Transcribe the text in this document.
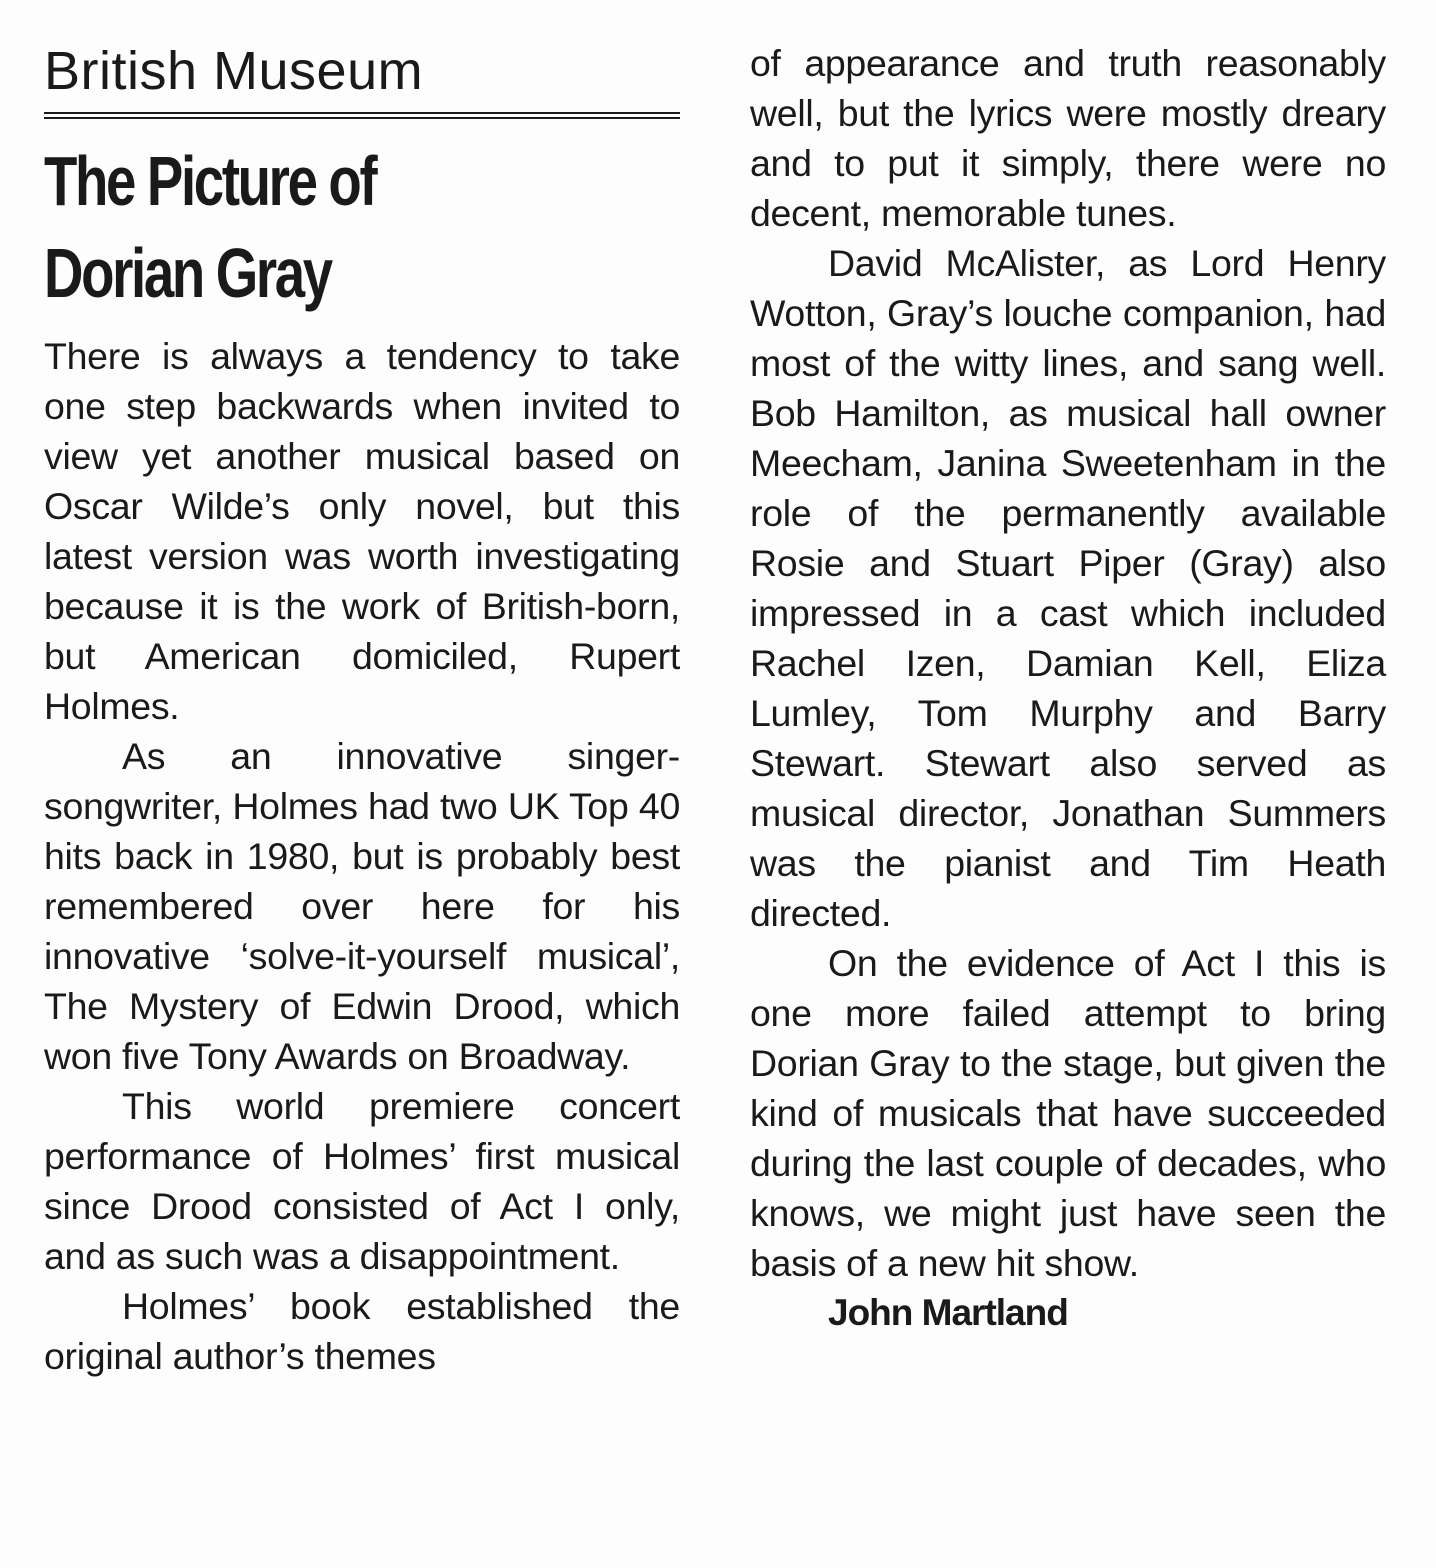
British Museum
The Picture of
Dorian Gray

There is always a tendency to take one step backwards when invited to view yet another musical based on Oscar Wilde’s only novel, but this latest version was worth investigating because it is the work of British-born, but American domiciled, Rupert Holmes.

As an innovative singer-songwriter, Holmes had two UK Top 40 hits back in 1980, but is probably best remembered over here for his innovative ‘solve-it-yourself musical’, The Mystery of Edwin Drood, which won five Tony Awards on Broadway.

This world premiere concert performance of Holmes’ first musical since Drood consisted of Act I only, and as such was a disappointment.

Holmes’ book established the original author’s themes

of appearance and truth reasonably well, but the lyrics were mostly dreary and to put it simply, there were no decent, memorable tunes.

David McAlister, as Lord Henry Wotton, Gray’s louche companion, had most of the witty lines, and sang well. Bob Hamilton, as musical hall owner Meecham, Janina Sweetenham in the role of the permanently available Rosie and Stuart Piper (Gray) also impressed in a cast which included Rachel Izen, Damian Kell, Eliza Lumley, Tom Murphy and Barry Stewart. Stewart also served as musical director, Jonathan Summers was the pianist and Tim Heath directed.

On the evidence of Act I this is one more failed attempt to bring Dorian Gray to the stage, but given the kind of musicals that have succeeded during the last couple of decades, who knows, we might just have seen the basis of a new hit show.

John Martland
